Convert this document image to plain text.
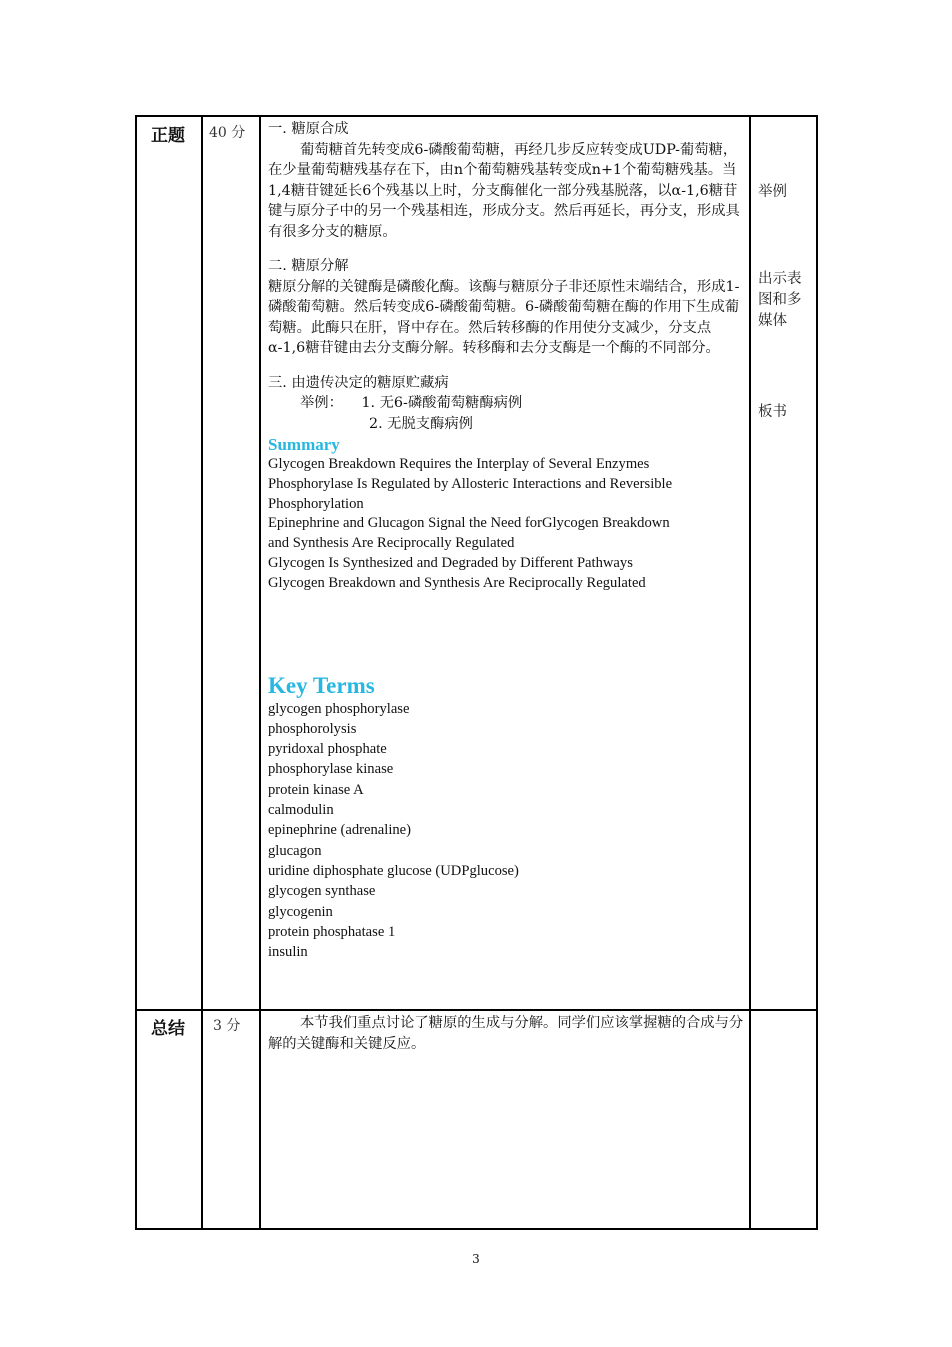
正题 40 分 一. 糖原合成

葡萄糖首先转变成6-磷酸葡萄糖，再经几步反应转变成UDP-葡萄糖，在少量葡萄糖残基存在下，由n个葡萄糖残基转变成n+1个葡萄糖残基。当1,4糖苷键延长6个残基以上时，分支酶催化一部分残基脱落，以α-1,6糖苷键与原分子中的另一个残基相连，形成分支。然后再延长，再分支，形成具有很多分支的糖原。

二. 糖原分解

糖原分解的关键酶是磷酸化酶。该酶与糖原分子非还原性末端结合，形成1-磷酸葡萄糖。然后转变成6-磷酸葡萄糖。6-磷酸葡萄糖在酶的作用下生成葡萄糖。此酶只在肝，肾中存在。然后转移酶的作用使分支减少，分支点α-1,6糖苷键由去分支酶分解。转移酶和去分支酶是一个酶的不同部分。

三. 由遗传决定的糖原贮藏病

举例： 1. 无6-磷酸葡萄糖酶病例

2. 无脱支酶病例

Summary
Glycogen Breakdown Requires the Interplay of Several Enzymes
Phosphorylase Is Regulated by Allosteric Interactions and Reversible
Phosphorylation
Epinephrine and Glucagon Signal the Need forGlycogen Breakdown
and Synthesis Are Reciprocally Regulated
Glycogen Is Synthesized and Degraded by Different Pathways
Glycogen Breakdown and Synthesis Are Reciprocally Regulated
Key Terms
glycogen phosphorylase
phosphorolysis
pyridoxal phosphate
phosphorylase kinase
protein kinase A
calmodulin
epinephrine (adrenaline)
glucagon
uridine diphosphate glucose (UDPglucose)
glycogen synthase
glycogenin
protein phosphatase 1
insulin
举例
出示表
图和多
媒体
板书
总结 3 分	本节我们重点讨论了糖原的生成与分解。同学们应该掌握糖的合成与分解的关键酶和关键反应。

3
